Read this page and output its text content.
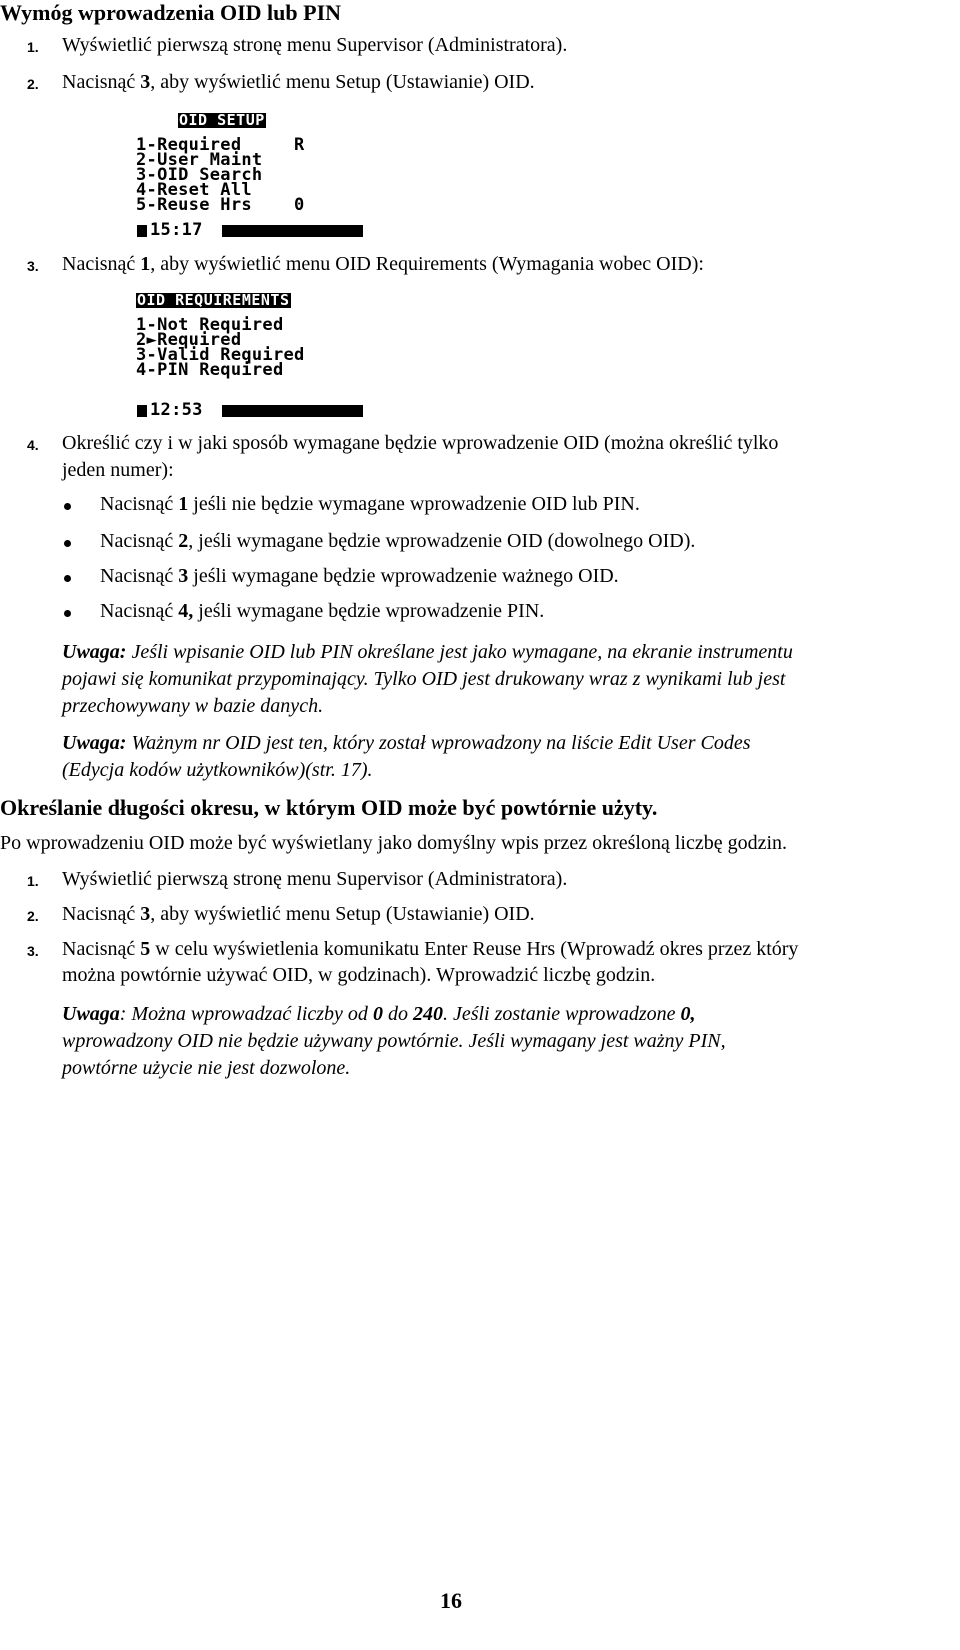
Wymóg wprowadzenia OID lub PIN
1. Wyświetlić pierwszą stronę menu Supervisor (Administratora).
2. Nacisnąć 3, aby wyświetlić menu Setup (Ustawianie) OID.
OID SETUP
1-Required     R
2-User Maint
3-OID Search
4-Reset All
5-Reuse Hrs    0
15:17
3. Nacisnąć 1, aby wyświetlić menu OID Requirements (Wymagania wobec OID):
OID REQUIREMENTS
1-Not Required
2►Required
3-Valid Required
4-PIN Required
12:53
4. Określić czy i w jaki sposób wymagane będzie wprowadzenie OID (można określić tylko
jeden numer):
Nacisnąć 1 jeśli nie będzie wymagane wprowadzenie OID lub PIN.
Nacisnąć 2, jeśli wymagane będzie wprowadzenie OID (dowolnego OID).
Nacisnąć 3 jeśli wymagane będzie wprowadzenie ważnego OID.
Nacisnąć 4, jeśli wymagane będzie wprowadzenie PIN.
Uwaga: Jeśli wpisanie OID lub PIN określane jest jako wymagane, na ekranie instrumentu
pojawi się komunikat przypominający. Tylko OID jest drukowany wraz z wynikami lub jest
przechowywany w bazie danych.
Uwaga: Ważnym nr OID jest ten, który został wprowadzony na liście Edit User Codes
(Edycja kodów użytkowników)(str. 17).
Określanie długości okresu, w którym OID może być powtórnie użyty.
Po wprowadzeniu OID może być wyświetlany jako domyślny wpis przez określoną liczbę godzin.
1. Wyświetlić pierwszą stronę menu Supervisor (Administratora).
2. Nacisnąć 3, aby wyświetlić menu Setup (Ustawianie) OID.
3. Nacisnąć 5 w celu wyświetlenia komunikatu Enter Reuse Hrs (Wprowadź okres przez który
można powtórnie używać OID, w godzinach). Wprowadzić liczbę godzin.
Uwaga: Można wprowadzać liczby od 0 do 240. Jeśli zostanie wprowadzone 0,
wprowadzony OID nie będzie używany powtórnie. Jeśli wymagany jest ważny PIN,
powtórne użycie nie jest dozwolone.
16
